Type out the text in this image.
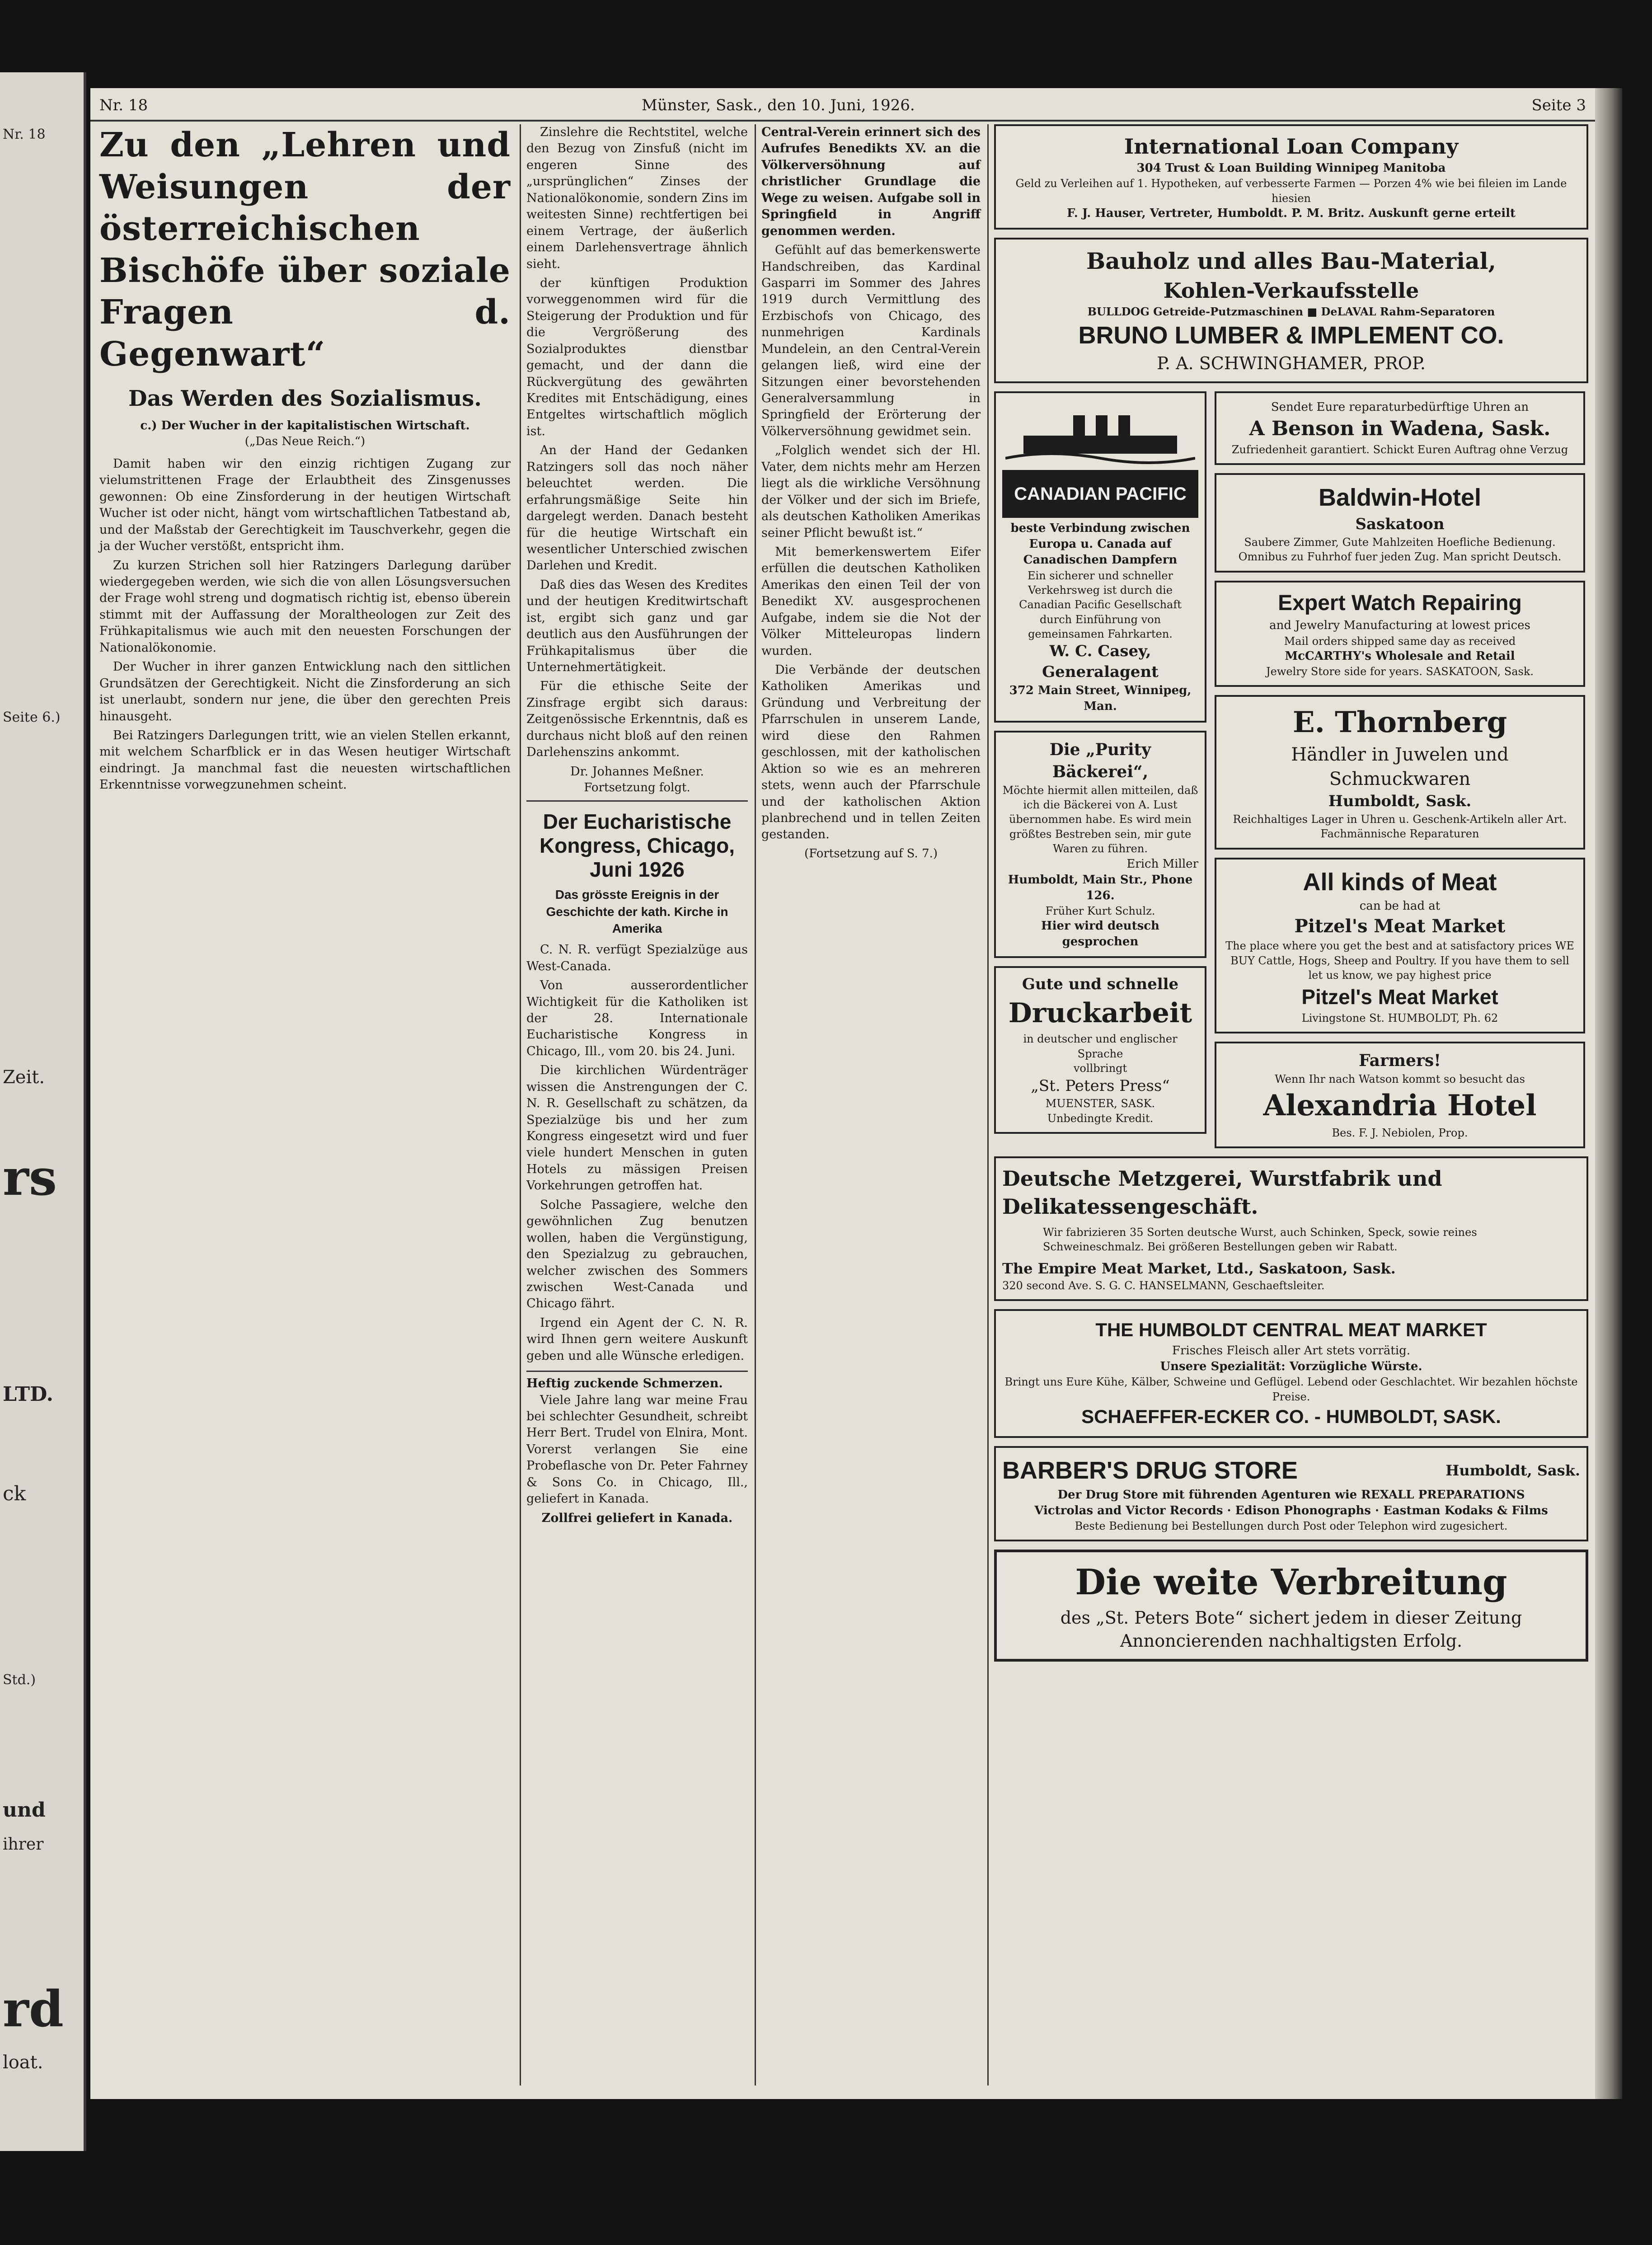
Nr. 18
Seite 6.)
Zeit.
rs
LTD.
ck
Std.)
und
ihrer
rd
loat.
Nr. 18	Münster, Sask., den 10. Juni, 1926.	Seite 3
Zu den „Lehren und Weisungen der österreichischen Bischöfe über soziale Fragen d. Gegenwart“
Das Werden des Sozialismus.
c.) Der Wucher in der kapitalistischen Wirtschaft.
(„Das Neue Reich.“)

Damit haben wir den einzig richtigen Zugang zur vielumstrittenen Frage der Erlaubtheit des Zinsgenusses gewonnen: Ob eine Zinsforderung in der heutigen Wirtschaft Wucher ist oder nicht, hängt vom wirtschaftlichen Tatbestand ab, und der Maßstab der Gerechtigkeit im Tauschverkehr, gegen die ja der Wucher verstößt, entspricht ihm.

Zu kurzen Strichen soll hier Ratzingers Darlegung darüber wiedergegeben werden, wie sich die von allen Lösungsversuchen der Frage wohl streng und dogmatisch richtig ist, ebenso überein stimmt mit der Auffassung der Moraltheologen zur Zeit des Frühkapitalismus wie auch mit den neuesten Forschungen der Nationalökonomie.

Der Wucher in ihrer ganzen Entwicklung nach den sittlichen Grundsätzen der Gerechtigkeit. Nicht die Zinsforderung an sich ist unerlaubt, sondern nur jene, die über den gerechten Preis hinausgeht.

Bei Ratzingers Darlegungen tritt, wie an vielen Stellen erkannt, mit welchem Scharfblick er in das Wesen heutiger Wirtschaft eindringt. Ja manchmal fast die neuesten wirtschaftlichen Erkenntnisse vorwegzunehmen scheint.

Zinslehre die Rechtstitel, welche den Bezug von Zinsfuß (nicht im engeren Sinne des „ursprünglichen“ Zinses der Nationalökonomie, sondern Zins im weitesten Sinne) rechtfertigen bei einem Vertrage, der äußerlich einem Darlehensvertrage ähnlich sieht.

der künftigen Produktion vorweggenommen wird für die Steigerung der Produktion und für die Vergrößerung des Sozialproduktes dienstbar gemacht, und der dann die Rückvergütung des gewährten Kredites mit Entschädigung, eines Entgeltes wirtschaftlich möglich ist.

An der Hand der Gedanken Ratzingers soll das noch näher beleuchtet werden. Die erfahrungsmäßige Seite hin dargelegt werden. Danach besteht für die heutige Wirtschaft ein wesentlicher Unterschied zwischen Darlehen und Kredit.

Daß dies das Wesen des Kredites und der heutigen Kreditwirtschaft ist, ergibt sich ganz und gar deutlich aus den Ausführungen der Frühkapitalismus über die Unternehmertätigkeit.

Für die ethische Seite der Zinsfrage ergibt sich daraus: Zeitgenössische Erkenntnis, daß es durchaus nicht bloß auf den reinen Darlehenszins ankommt.

Dr. Johannes Meßner.
Fortsetzung folgt.
Der Eucharistische Kongress, Chicago, Juni 1926
Das grösste Ereignis in der Geschichte der kath. Kirche in Amerika

C. N. R. verfügt Spezialzüge aus West-Canada.

Von ausserordentlicher Wichtigkeit für die Katholiken ist der 28. Internationale Eucharistische Kongress in Chicago, Ill., vom 20. bis 24. Juni.

Die kirchlichen Würdenträger wissen die Anstrengungen der C. N. R. Gesellschaft zu schätzen, da Spezialzüge bis und her zum Kongress eingesetzt wird und fuer viele hundert Menschen in guten Hotels zu mässigen Preisen Vorkehrungen getroffen hat.

Solche Passagiere, welche den gewöhnlichen Zug benutzen wollen, haben die Vergünstigung, den Spezialzug zu gebrauchen, welcher zwischen des Sommers zwischen West-Canada und Chicago fährt.

Irgend ein Agent der C. N. R. wird Ihnen gern weitere Auskunft geben und alle Wünsche erledigen.

Heftig zuckende Schmerzen.

Viele Jahre lang war meine Frau bei schlechter Gesundheit, schreibt Herr Bert. Trudel von Elnira, Mont. Vorerst verlangen Sie eine Probeflasche von Dr. Peter Fahrney & Sons Co. in Chicago, Ill., geliefert in Kanada.

Zollfrei geliefert in Kanada.

Central-Verein erinnert sich des Aufrufes Benedikts XV. an die Völkerversöhnung auf christlicher Grundlage die Wege zu weisen. Aufgabe soll in Springfield in Angriff genommen werden.

Gefühlt auf das bemerkenswerte Handschreiben, das Kardinal Gasparri im Sommer des Jahres 1919 durch Vermittlung des Erzbischofs von Chicago, des nunmehrigen Kardinals Mundelein, an den Central-Verein gelangen ließ, wird eine der Sitzungen einer bevorstehenden Generalversammlung in Springfield der Erörterung der Völkerversöhnung gewidmet sein.

„Folglich wendet sich der Hl. Vater, dem nichts mehr am Herzen liegt als die wirkliche Versöhnung der Völker und der sich im Briefe, als deutschen Katholiken Amerikas seiner Pflicht bewußt ist.“

Mit bemerkenswertem Eifer erfüllen die deutschen Katholiken Amerikas den einen Teil der von Benedikt XV. ausgesprochenen Aufgabe, indem sie die Not der Völker Mitteleuropas lindern wurden.

Die Verbände der deutschen Katholiken Amerikas und Gründung und Verbreitung der Pfarrschulen in unserem Lande, wird diese den Rahmen geschlossen, mit der katholischen Aktion so wie es an mehreren stets, wenn auch der Pfarrschule und der katholischen Aktion planbrechend und in tellen Zeiten gestanden.

(Fortsetzung auf S. 7.)
International Loan Company
304 Trust & Loan Building Winnipeg Manitoba
Geld zu Verleihen auf 1. Hypotheken, auf verbesserte Farmen — Porzen 4% wie bei fileien im Lande hiesien
F. J. Hauser, Vertreter, Humboldt. P. M. Britz. Auskunft gerne erteilt
Bauholz und alles Bau-Material,
Kohlen-Verkaufsstelle
BULLDOG Getreide-Putzmaschinen ■ DeLAVAL Rahm-Separatoren
BRUNO LUMBER & IMPLEMENT CO.
P. A. SCHWINGHAMER, PROP.
CANADIAN PACIFIC
beste Verbindung zwischen Europa u. Canada auf Canadischen Dampfern
Ein sicherer und schneller Verkehrsweg ist durch die Canadian Pacific Gesellschaft durch Einführung von gemeinsamen Fahrkarten.
W. C. Casey, Generalagent
372 Main Street, Winnipeg, Man.
Die „Purity Bäckerei“,
Möchte hiermit allen mitteilen, daß ich die Bäckerei von A. Lust übernommen habe. Es wird mein größtes Bestreben sein, mir gute Waren zu führen.
Erich Miller
Humboldt, Main Str., Phone 126.
Früher Kurt Schulz.
Hier wird deutsch gesprochen
Gute und schnelle
Druckarbeit
in deutscher und englischer Sprache
vollbringt
„St. Peters Press“
MUENSTER, SASK.
Unbedingte Kredit.
Sendet Eure reparaturbedürftige Uhren an
A Benson in Wadena, Sask.
Zufriedenheit garantiert. Schickt Euren Auftrag ohne Verzug
Baldwin-Hotel
Saskatoon
Saubere Zimmer, Gute Mahlzeiten Hoefliche Bedienung. Omnibus zu Fuhrhof fuer jeden Zug. Man spricht Deutsch.
Expert Watch Repairing
and Jewelry Manufacturing at lowest prices
Mail orders shipped same day as received
McCARTHY's Wholesale and Retail
Jewelry Store side for years. SASKATOON, Sask.
E. Thornberg
Händler in Juwelen und Schmuckwaren
Humboldt, Sask.
Reichhaltiges Lager in Uhren u. Geschenk-Artikeln aller Art. Fachmännische Reparaturen
All kinds of Meat
can be had at
Pitzel's Meat Market
The place where you get the best and at satisfactory prices WE BUY Cattle, Hogs, Sheep and Poultry. If you have them to sell let us know, we pay highest price
Pitzel's Meat Market
Livingstone St. HUMBOLDT, Ph. 62
Farmers!
Wenn Ihr nach Watson kommt so besucht das
Alexandria Hotel
Bes. F. J. Nebiolen, Prop.
Deutsche Metzgerei, Wurstfabrik und Delikatessengeschäft.
Wir fabrizieren 35 Sorten deutsche Wurst, auch Schinken, Speck, sowie reines Schweineschmalz. Bei größeren Bestellungen geben wir Rabatt.
The Empire Meat Market, Ltd., Saskatoon, Sask.
320 second Ave. S. G. C. HANSELMANN, Geschaeftsleiter.
THE HUMBOLDT CENTRAL MEAT MARKET
Frisches Fleisch aller Art stets vorrätig.
Unsere Spezialität: Vorzügliche Würste.
Bringt uns Eure Kühe, Kälber, Schweine und Geflügel. Lebend oder Geschlachtet. Wir bezahlen höchste Preise.
SCHAEFFER-ECKER CO. - HUMBOLDT, SASK.
BARBER'S DRUG STORE	Humboldt, Sask.
Der Drug Store mit führenden Agenturen wie REXALL PREPARATIONS
Victrolas and Victor Records · Edison Phonographs · Eastman Kodaks & Films
Beste Bedienung bei Bestellungen durch Post oder Telephon wird zugesichert.
Die weite Verbreitung
des „St. Peters Bote“ sichert jedem in dieser Zeitung Annoncierenden nachhaltigsten Erfolg.
